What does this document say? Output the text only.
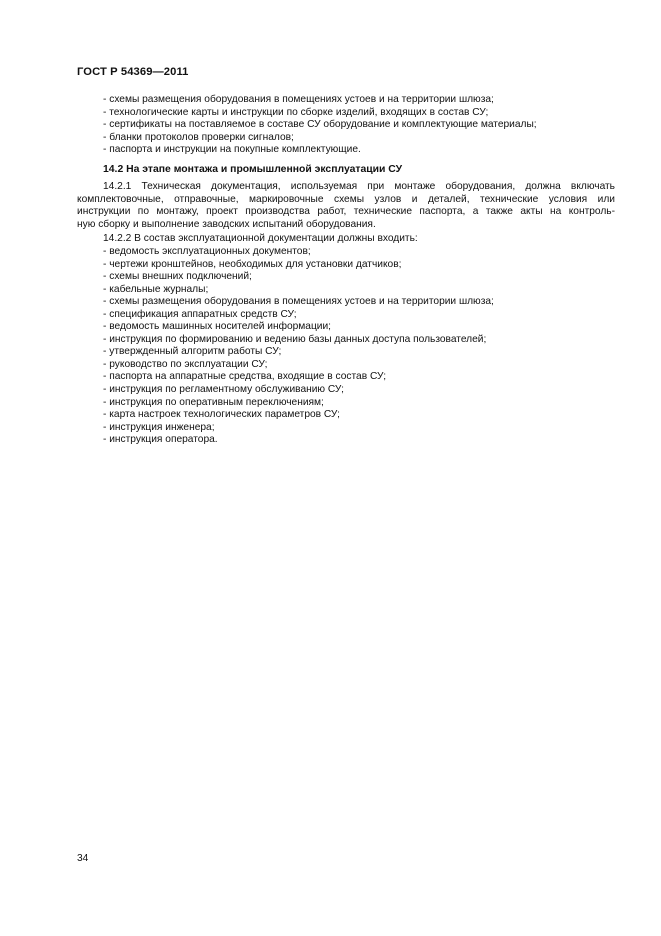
ГОСТ Р 54369—2011
- схемы размещения оборудования в помещениях устоев и на территории шлюза;
- технологические карты и инструкции по сборке изделий, входящих в состав СУ;
- сертификаты на поставляемое в составе СУ оборудование и комплектующие материалы;
- бланки протоколов проверки сигналов;
- паспорта и инструкции на покупные комплектующие.
14.2 На этапе монтажа и промышленной эксплуатации СУ
14.2.1 Техническая документация, используемая при монтаже оборудования, должна включать
комплектовочные, отправочные, маркировочные схемы узлов и деталей, технические условия или
инструкции по монтажу, проект производства работ, технические паспорта, а также акты на контроль-
ную сборку и выполнение заводских испытаний оборудования.
14.2.2 В состав эксплуатационной документации должны входить:
- ведомость эксплуатационных документов;
- чертежи кронштейнов, необходимых для установки датчиков;
- схемы внешних подключений;
- кабельные журналы;
- схемы размещения оборудования в помещениях устоев и на территории шлюза;
- спецификация аппаратных средств СУ;
- ведомость машинных носителей информации;
- инструкция по формированию и ведению базы данных доступа пользователей;
- утвержденный алгоритм работы СУ;
- руководство по эксплуатации СУ;
- паспорта на аппаратные средства, входящие в состав СУ;
- инструкция по регламентному обслуживанию СУ;
- инструкция по оперативным переключениям;
- карта настроек технологических параметров СУ;
- инструкция инженера;
- инструкция оператора.
34
